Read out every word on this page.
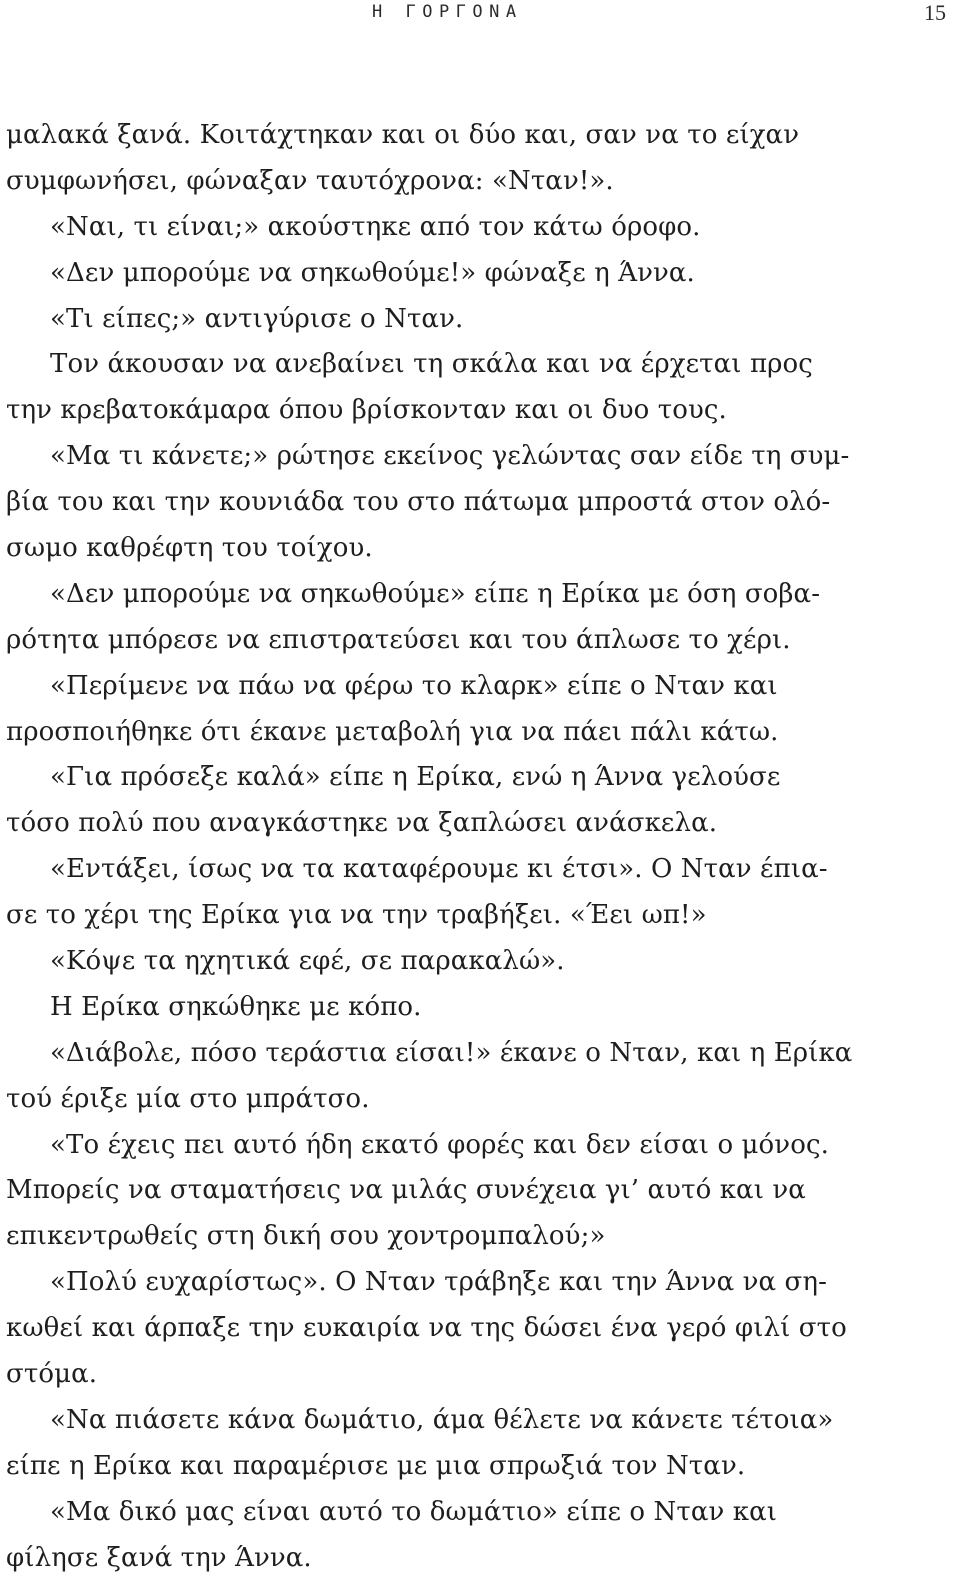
Η ΓΟΡΓΟΝΑ	15
μαλακά ξανά. Κοιτάχτηκαν και οι δύο και, σαν να το είχαν
συμφωνήσει, φώναξαν ταυτόχρονα: «Νταν!».
«Ναι, τι είναι;» ακούστηκε από τον κάτω όροφο.
«Δεν μπορούμε να σηκωθούμε!» φώναξε η Άννα.
«Τι είπες;» αντιγύρισε ο Νταν.
Τον άκουσαν να ανεβαίνει τη σκάλα και να έρχεται προς
την κρεβατοκάμαρα όπου βρίσκονταν και οι δυο τους.
«Μα τι κάνετε;» ρώτησε εκείνος γελώντας σαν είδε τη συμ-
βία του και την κουνιάδα του στο πάτωμα μπροστά στον ολό-
σωμο καθρέφτη του τοίχου.
«Δεν μπορούμε να σηκωθούμε» είπε η Ερίκα με όση σοβα-
ρότητα μπόρεσε να επιστρατεύσει και του άπλωσε το χέρι.
«Περίμενε να πάω να φέρω το κλαρκ» είπε ο Νταν και
προσποιήθηκε ότι έκανε μεταβολή για να πάει πάλι κάτω.
«Για πρόσεξε καλά» είπε η Ερίκα, ενώ η Άννα γελούσε
τόσο πολύ που αναγκάστηκε να ξαπλώσει ανάσκελα.
«Εντάξει, ίσως να τα καταφέρουμε κι έτσι». Ο Νταν έπια-
σε το χέρι της Ερίκα για να την τραβήξει. «Έει ωπ!»
«Κόψε τα ηχητικά εφέ, σε παρακαλώ».
Η Ερίκα σηκώθηκε με κόπο.
«Διάβολε, πόσο τεράστια είσαι!» έκανε ο Νταν, και η Ερίκα
τού έριξε μία στο μπράτσο.
«Το έχεις πει αυτό ήδη εκατό φορές και δεν είσαι ο μόνος.
Μπορείς να σταματήσεις να μιλάς συνέχεια γι’ αυτό και να
επικεντρωθείς στη δική σου χοντρομπαλού;»
«Πολύ ευχαρίστως». Ο Νταν τράβηξε και την Άννα να ση-
κωθεί και άρπαξε την ευκαιρία να της δώσει ένα γερό φιλί στο
στόμα.
«Να πιάσετε κάνα δωμάτιο, άμα θέλετε να κάνετε τέτοια»
είπε η Ερίκα και παραμέρισε με μια σπρωξιά τον Νταν.
«Μα δικό μας είναι αυτό το δωμάτιο» είπε ο Νταν και
φίλησε ξανά την Άννα.
